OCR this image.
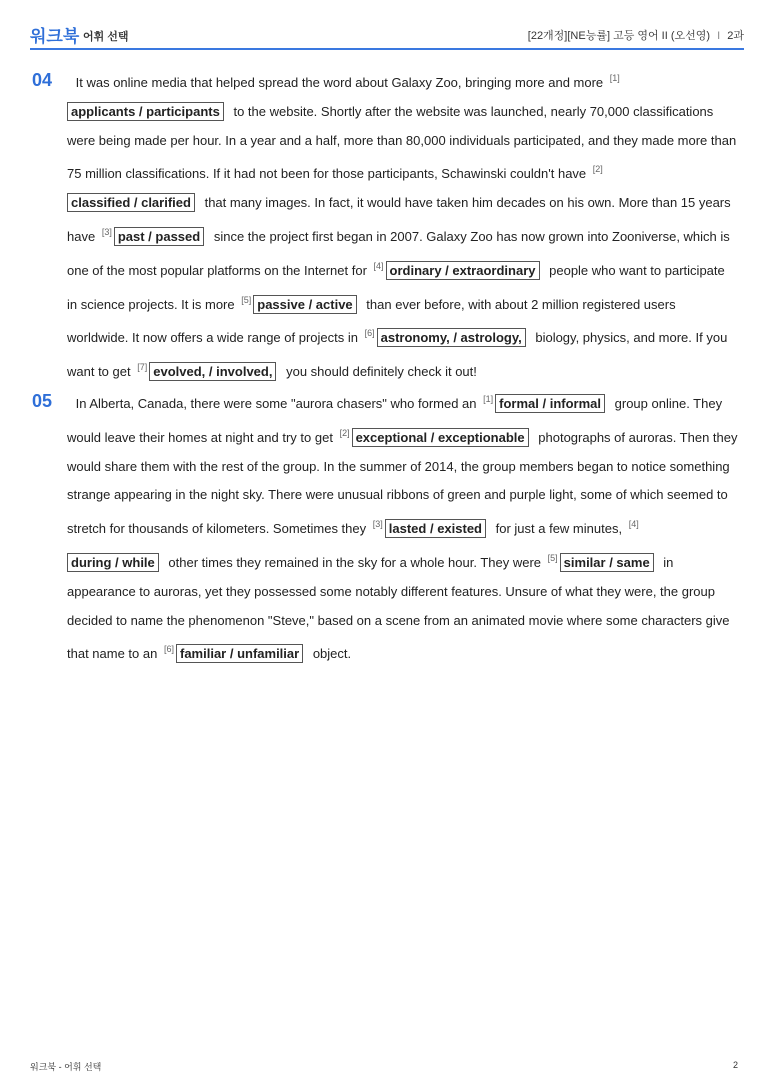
워크북 어휘 선택	[22개정][NE능률] 고등 영어 II (오선영) I 2과
04	It was online media that helped spread the word about Galaxy Zoo, bringing more and more [1]applicants / participants to the website. Shortly after the website was launched, nearly 70,000 classifications were being made per hour. In a year and a half, more than 80,000 individuals participated, and they made more than 75 million classifications. If it had not been for those participants, Schawinski couldn't have [2]classified / clarified that many images. In fact, it would have taken him decades on his own. More than 15 years have [3] past / passed since the project first began in 2007. Galaxy Zoo has now grown into Zooniverse, which is one of the most popular platforms on the Internet for [4] ordinary / extraordinary people who want to participate in science projects. It is more [5] passive / active than ever before, with about 2 million registered users worldwide. It now offers a wide range of projects in [6] astronomy, / astrology, biology, physics, and more. If you want to get [7] evolved, / involved, you should definitely check it out!
05	In Alberta, Canada, there were some "aurora chasers" who formed an [1] formal / informal group online. They would leave their homes at night and try to get [2] exceptional / exceptionable photographs of auroras. Then they would share them with the rest of the group. In the summer of 2014, the group members began to notice something strange appearing in the night sky. There were unusual ribbons of green and purple light, some of which seemed to stretch for thousands of kilometers. Sometimes they [3] lasted / existed for just a few minutes, [4]during / while other times they remained in the sky for a whole hour. They were [5] similar / same in appearance to auroras, yet they possessed some notably different features. Unsure of what they were, the group decided to name the phenomenon "Steve," based on a scene from an animated movie where some characters give that name to an [6] familiar / unfamiliar object.
워크북 - 어휘 선택	2
